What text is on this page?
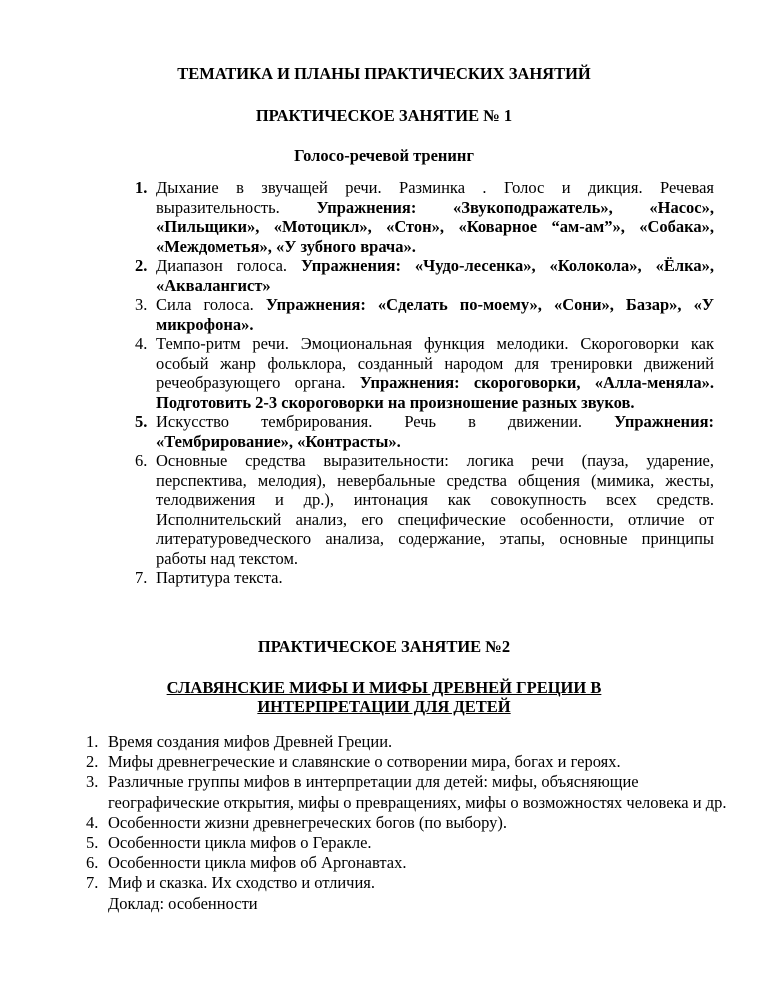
ТЕМАТИКА И ПЛАНЫ ПРАКТИЧЕСКИХ ЗАНЯТИЙ
ПРАКТИЧЕСКОЕ ЗАНЯТИЕ № 1
Голосо-речевой тренинг

1. Дыхание в звучащей речи. Разминка . Голос и дикция. Речевая выразительность. Упражнения: «Звукоподражатель», «Насос», «Пильщики», «Мотоцикл», «Стон», «Коварное “ам-ам”», «Собака», «Междометья», «У зубного врача».

2. Диапазон голоса. Упражнения: «Чудо-лесенка», «Колокола», «Ёлка», «Аквалангист»

3. Сила голоса. Упражнения: «Сделать по-моему», «Сони», Базар», «У микрофона».

4. Темпо-ритм речи. Эмоциональная функция мелодики. Скороговорки как особый жанр фольклора, созданный народом для тренировки движений речеобразующего органа. Упражнения: скороговорки, «Алла-меняла». Подготовить 2-3 скороговорки на произношение разных звуков.

5. Искусство тембрирования. Речь в движении. Упражнения: «Тембрирование», «Контрасты».

6. Основные средства выразительности: логика речи (пауза, ударение, перспектива, мелодия), невербальные средства общения (мимика, жесты, телодвижения и др.), интонация как совокупность всех средств. Исполнительский анализ, его специфические особенности, отличие от литературоведческого анализа, содержание, этапы, основные принципы работы над текстом.

7. Партитура текста.

ПРАКТИЧЕСКОЕ ЗАНЯТИЕ №2
СЛАВЯНСКИЕ МИФЫ И МИФЫ ДРЕВНЕЙ ГРЕЦИИ В
ИНТЕРПРЕТАЦИИ ДЛЯ ДЕТЕЙ

1. Время создания мифов Древней Греции.

2. Мифы древнегреческие и славянские о сотворении мира, богах и героях.

3. Различные группы мифов в интерпретации для детей: мифы, объясняющие географические открытия, мифы о превращениях, мифы о возможностях человека и др.

4. Особенности жизни древнегреческих богов (по выбору).

5. Особенности цикла мифов о Геракле.

6. Особенности цикла мифов об Аргонавтах.

7. Миф и сказка. Их сходство и отличия.

Доклад: особенности
